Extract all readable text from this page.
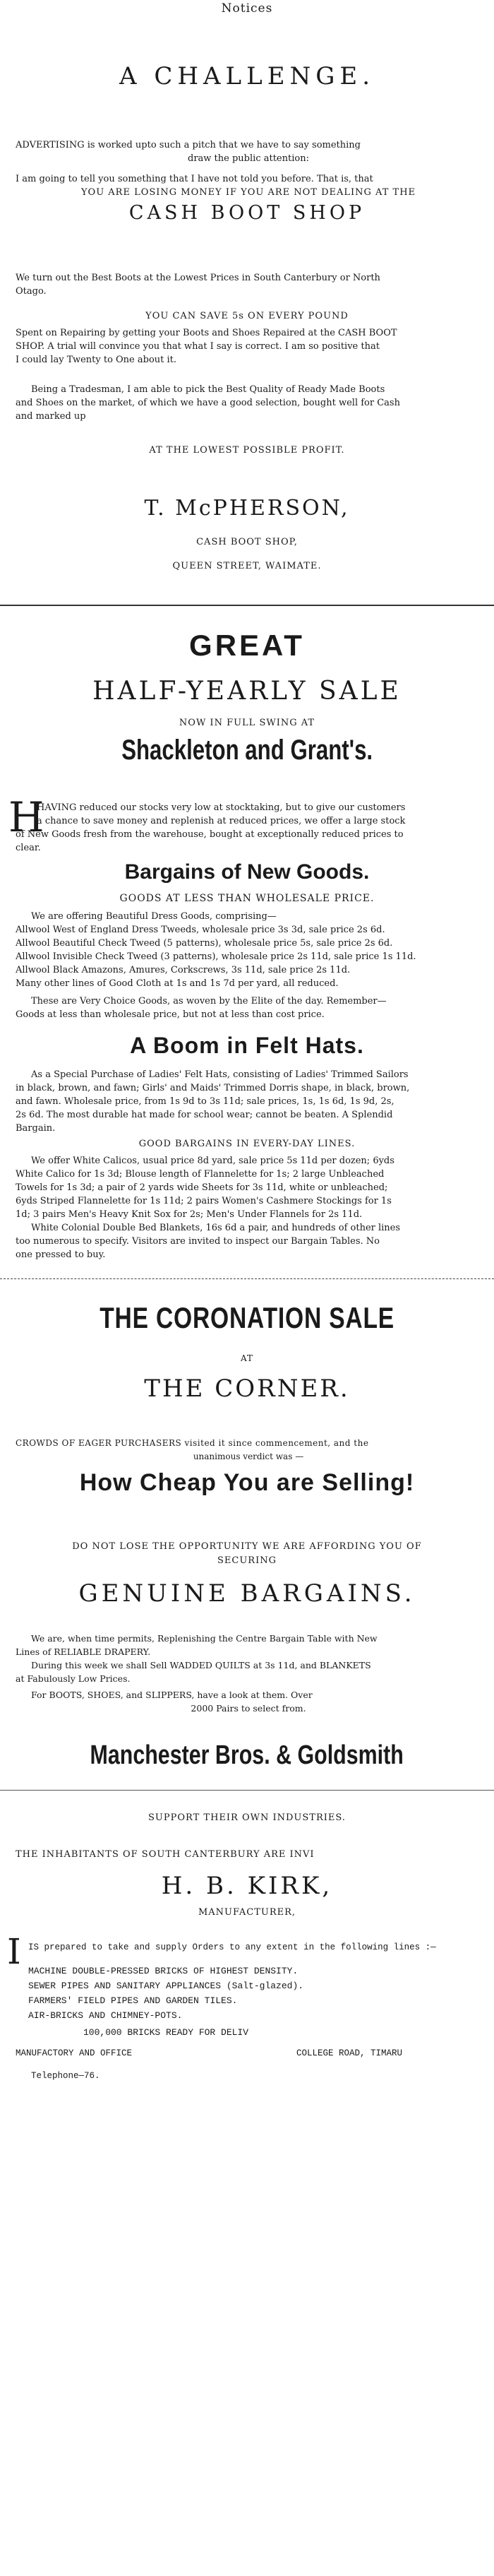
Notices
A CHALLENGE.
ADVERTISING is worked upto such a pitch that we have to say something
draw the public attention:
I am going to tell you something that I have not told you before. That is, that
YOU ARE LOSING MONEY IF YOU ARE NOT DEALING AT THE
CASH BOOT SHOP
We turn out the Best Boots at the Lowest Prices in South Canterbury or North
Otago.
YOU CAN SAVE 5s ON EVERY POUND
Spent on Repairing by getting your Boots and Shoes Repaired at the CASH BOOT
SHOP. A trial will convince you that what I say is correct. I am so positive that
I could lay Twenty to One about it.
Being a Tradesman, I am able to pick the Best Quality of Ready Made Boots
and Shoes on the market, of which we have a good selection, bought well for Cash
and marked up
AT THE LOWEST POSSIBLE PROFIT.
T. McPHERSON,
CASH BOOT SHOP,
QUEEN STREET, WAIMATE.
GREAT
HALF-YEARLY SALE
NOW IN FULL SWING AT
Shackleton and Grant's.
H
HAVING reduced our stocks very low at stocktaking, but to give our customers
a chance to save money and replenish at reduced prices, we offer a large stock
of New Goods fresh from the warehouse, bought at exceptionally reduced prices to
clear.
Bargains of New Goods.
GOODS AT LESS THAN WHOLESALE PRICE.
We are offering Beautiful Dress Goods, comprising—
Allwool West of England Dress Tweeds, wholesale price 3s 3d, sale price 2s 6d.
Allwool Beautiful Check Tweed (5 patterns), wholesale price 5s, sale price 2s 6d.
Allwool Invisible Check Tweed (3 patterns), wholesale price 2s 11d, sale price 1s 11d.
Allwool Black Amazons, Amures, Corkscrews, 3s 11d, sale price 2s 11d.
Many other lines of Good Cloth at 1s and 1s 7d per yard, all reduced.
These are Very Choice Goods, as woven by the Elite of the day. Remember—
Goods at less than wholesale price, but not at less than cost price.
A Boom in Felt Hats.
As a Special Purchase of Ladies' Felt Hats, consisting of Ladies' Trimmed Sailors
in black, brown, and fawn; Girls' and Maids' Trimmed Dorris shape, in black, brown,
and fawn. Wholesale price, from 1s 9d to 3s 11d; sale prices, 1s, 1s 6d, 1s 9d, 2s,
2s 6d. The most durable hat made for school wear; cannot be beaten. A Splendid
Bargain.
GOOD BARGAINS IN EVERY-DAY LINES.
We offer White Calicos, usual price 8d yard, sale price 5s 11d per dozen; 6yds
White Calico for 1s 3d; Blouse length of Flannelette for 1s; 2 large Unbleached
Towels for 1s 3d; a pair of 2 yards wide Sheets for 3s 11d, white or unbleached;
6yds Striped Flannelette for 1s 11d; 2 pairs Women's Cashmere Stockings for 1s
1d; 3 pairs Men's Heavy Knit Sox for 2s; Men's Under Flannels for 2s 11d.
White Colonial Double Bed Blankets, 16s 6d a pair, and hundreds of other lines
too numerous to specify. Visitors are invited to inspect our Bargain Tables. No
one pressed to buy.
THE CORONATION SALE
AT
THE CORNER.
CROWDS OF EAGER PURCHASERS visited it since commencement, and the
unanimous verdict was —
How Cheap You are Selling!
DO NOT LOSE THE OPPORTUNITY WE ARE AFFORDING YOU OF
SECURING
GENUINE BARGAINS.
We are, when time permits, Replenishing the Centre Bargain Table with New
Lines of RELIABLE DRAPERY.
During this week we shall Sell WADDED QUILTS at 3s 11d, and BLANKETS
at Fabulously Low Prices.
For BOOTS, SHOES, and SLIPPERS, have a look at them. Over
2000 Pairs to select from.
Manchester Bros. & Goldsmith
SUPPORT THEIR OWN INDUSTRIES.
THE INHABITANTS OF SOUTH CANTERBURY ARE INVI
H. B. KIRK,
MANUFACTURER,
I IS prepared to take and supply Orders to any extent in the following lines :—
MACHINE DOUBLE-PRESSED BRICKS OF HIGHEST DENSITY.
SEWER PIPES AND SANITARY APPLIANCES (Salt-glazed).
FARMERS' FIELD PIPES AND GARDEN TILES.
AIR-BRICKS AND CHIMNEY-POTS.
100,000 BRICKS READY FOR DELIV
MANUFACTORY AND OFFICE	COLLEGE ROAD, TIMARU
Telephone—76.
